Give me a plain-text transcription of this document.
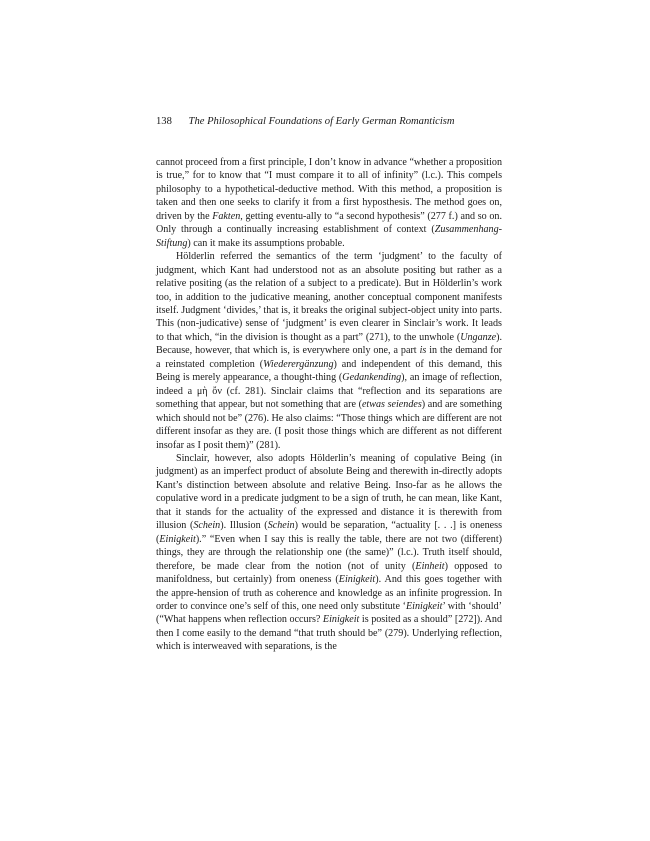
138 The Philosophical Foundations of Early German Romanticism

cannot proceed from a first principle, I don’t know in advance “whether a proposition is true,” for to know that “I must compare it to all of infinity” (l.c.). This compels philosophy to a hypothetical-deductive method. With this method, a proposition is taken and then one seeks to clarify it from a first hyposthesis. The method goes on, driven by the Fakten, getting eventu-ally to “a second hypothesis” (277 f.) and so on. Only through a continually increasing establishment of context (Zusammenhang-Stiftung) can it make its assumptions probable.

Hölderlin referred the semantics of the term ‘judgment’ to the faculty of judgment, which Kant had understood not as an absolute positing but rather as a relative positing (as the relation of a subject to a predicate). But in Hölderlin’s work too, in addition to the judicative meaning, another conceptual component manifests itself. Judgment ‘divides,’ that is, it breaks the original subject-object unity into parts. This (non-judicative) sense of ‘judgment’ is even clearer in Sinclair’s work. It leads to that which, “in the division is thought as a part” (271), to the unwhole (Unganze). Because, however, that which is, is everywhere only one, a part is in the demand for a reinstated completion (Wiederergänzung) and independent of this demand, this Being is merely appearance, a thought-thing (Gedankending), an image of reflection, indeed a μὴ ὄν (cf. 281). Sinclair claims that “reflection and its separations are something that appear, but not something that are (etwas seiendes) and are something which should not be” (276). He also claims: “Those things which are different are not different insofar as they are. (I posit those things which are different as not different insofar as I posit them)” (281).

Sinclair, however, also adopts Hölderlin’s meaning of copulative Being (in judgment) as an imperfect product of absolute Being and therewith in-directly adopts Kant’s distinction between absolute and relative Being. Inso-far as he allows the copulative word in a predicate judgment to be a sign of truth, he can mean, like Kant, that it stands for the actuality of the expressed and distance it is therewith from illusion (Schein). Illusion (Schein) would be separation, “actuality [. . .] is oneness (Einigkeit).” “Even when I say this is really the table, there are not two (different) things, they are through the relationship one (the same)” (l.c.). Truth itself should, therefore, be made clear from the notion (not of unity (Einheit) opposed to manifoldness, but certainly) from oneness (Einigkeit). And this goes together with the appre-hension of truth as coherence and knowledge as an infinite progression. In order to convince one’s self of this, one need only substitute ‘Einigkeit’ with ‘should’ (“What happens when reflection occurs? Einigkeit is posited as a should” [272]). And then I come easily to the demand “that truth should be” (279). Underlying reflection, which is interweaved with separations, is the
